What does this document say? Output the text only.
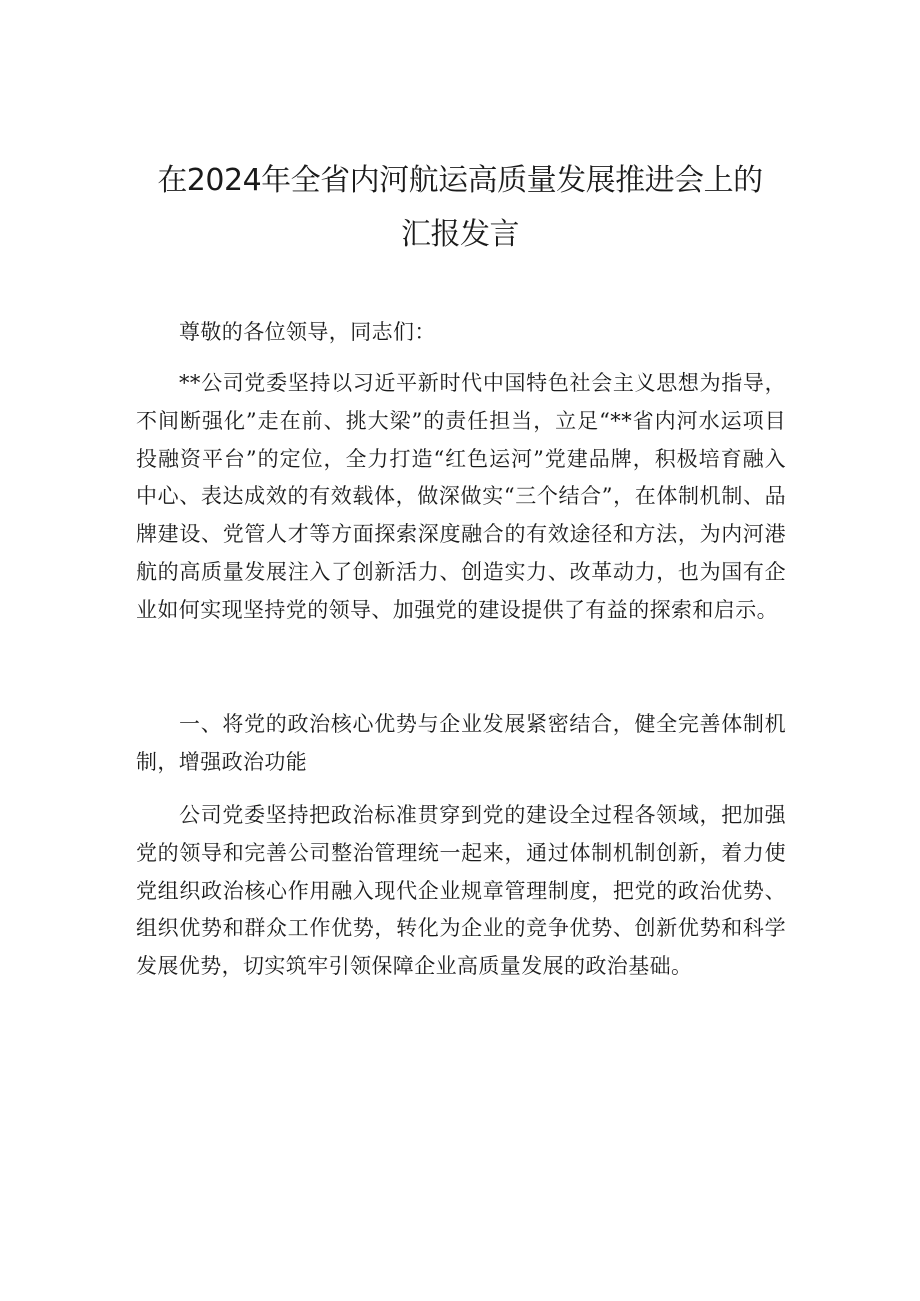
在2024年全省内河航运高质量发展推进会上的
汇报发言

尊敬的各位领导，同志们：

**公司党委坚持以习近平新时代中国特色社会主义思想为指导，不间断强化”走在前、挑大梁”的责任担当，立足“**省内河水运项目投融资平台”的定位，全力打造“红色运河”党建品牌，积极培育融入中心、表达成效的有效载体，做深做实“三个结合”，在体制机制、品牌建设、党管人才等方面探索深度融合的有效途径和方法，为内河港航的高质量发展注入了创新活力、创造实力、改革动力，也为国有企业如何实现坚持党的领导、加强党的建设提供了有益的探索和启示。

一、将党的政治核心优势与企业发展紧密结合，健全完善体制机制，增强政治功能

公司党委坚持把政治标准贯穿到党的建设全过程各领域，把加强党的领导和完善公司整治管理统一起来，通过体制机制创新，着力使党组织政治核心作用融入现代企业规章管理制度，把党的政治优势、组织优势和群众工作优势，转化为企业的竞争优势、创新优势和科学发展优势，切实筑牢引领保障企业高质量发展的政治基础。
